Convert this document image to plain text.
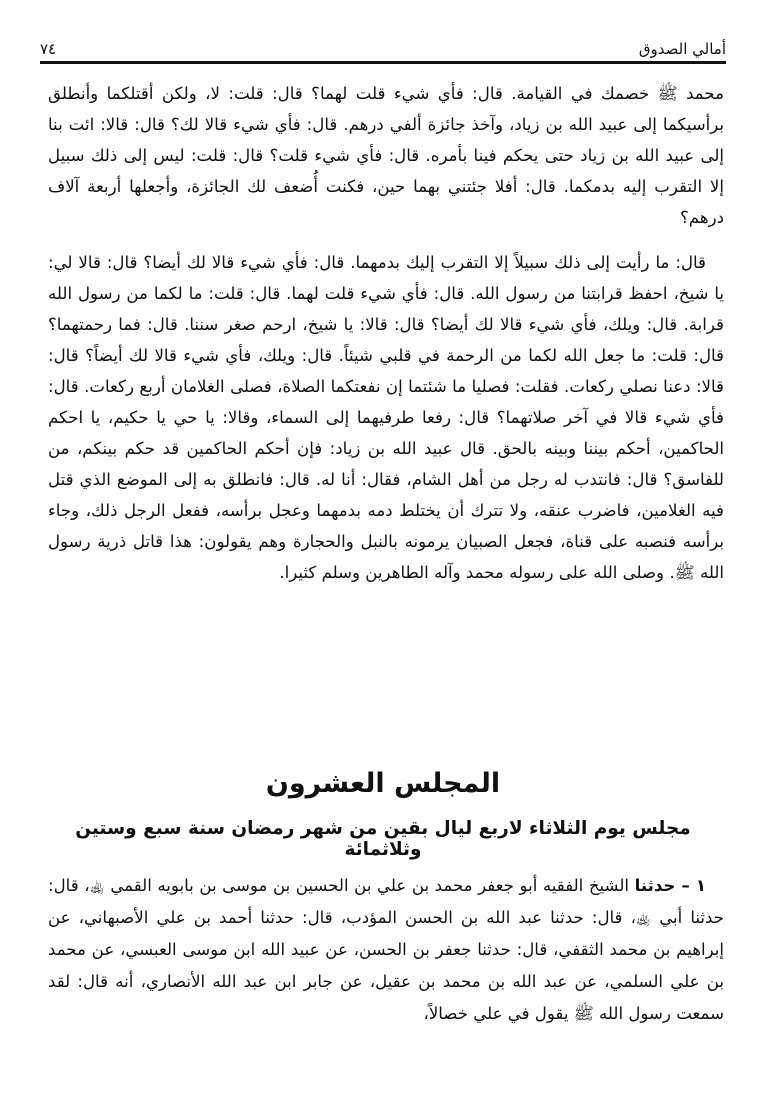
أمالي الصدوق
٧٤

محمد ﷺ خصمك في القيامة. قال: فأي شيء قلت لهما؟ قال: قلت: لا، ولكن أقتلكما وأنطلق برأسيكما إلى عبيد الله بن زياد، وآخذ جائزة ألفي درهم. قال: فأي شيء قالا لك؟ قال: قالا: ائت بنا إلى عبيد الله بن زياد حتى يحكم فينا بأمره. قال: فأي شيء قلت؟ قال: قلت: ليس إلى ذلك سبيل إلا التقرب إليه بدمكما. قال: أفلا جئتني بهما حين، فكنت أُضعف لك الجائزة، وأجعلها أربعة آلاف درهم؟

قال: ما رأيت إلى ذلك سبيلاً إلا التقرب إليك بدمهما. قال: فأي شيء قالا لك أيضا؟ قال: قالا لي: يا شيخ، احفظ قرابتنا من رسول الله. قال: فأي شيء قلت لهما. قال: قلت: ما لكما من رسول الله قرابة. قال: ويلك، فأي شيء قالا لك أيضا؟ قال: قالا: يا شيخ، ارحم صغر سننا. قال: فما رحمتهما؟ قال: قلت: ما جعل الله لكما من الرحمة في قلبي شيئاً. قال: ويلك، فأي شيء قالا لك أيضاً؟ قال: قالا: دعنا نصلي ركعات. فقلت: فصليا ما شئتما إن نفعتكما الصلاة، فصلى الغلامان أربع ركعات. قال: فأي شيء قالا في آخر صلاتهما؟ قال: رفعا طرفيهما إلى السماء، وقالا: يا حي يا حكيم، يا احكم الحاكمين، أحكم بيننا وبينه بالحق. قال عبيد الله بن زياد: فإن أحكم الحاكمين قد حكم بينكم، من للفاسق؟ قال: فانتدب له رجل من أهل الشام، فقال: أنا له. قال: فانطلق به إلى الموضع الذي قتل فيه الغلامين، فاضرب عنقه، ولا تترك أن يختلط دمه بدمهما وعجل برأسه، ففعل الرجل ذلك، وجاء برأسه فنصبه على قناة، فجعل الصبيان يرمونه بالنبل والحجارة وهم يقولون: هذا قاتل ذرية رسول الله ﷺ. وصلى الله على رسوله محمد وآله الطاهرين وسلم كثيرا.

المجلس العشرون
مجلس يوم الثلاثاء لاربع ليال بقين من شهر رمضان سنة سبع وستين وثلاثمائة

١ – حدثنا الشيخ الفقيه أبو جعفر محمد بن علي بن الحسين بن موسى بن بابويه القمي ﵀، قال: حدثنا أبي ﵀، قال: حدثنا عبد الله بن الحسن المؤدب، قال: حدثنا أحمد بن علي الأصبهاني، عن إبراهيم بن محمد الثقفي، قال: حدثنا جعفر بن الحسن، عن عبيد الله ابن موسى العبسي، عن محمد بن علي السلمي، عن عبد الله بن محمد بن عقيل، عن جابر ابن عبد الله الأنصاري، أنه قال: لقد سمعت رسول الله ﷺ يقول في علي خصالاً،
